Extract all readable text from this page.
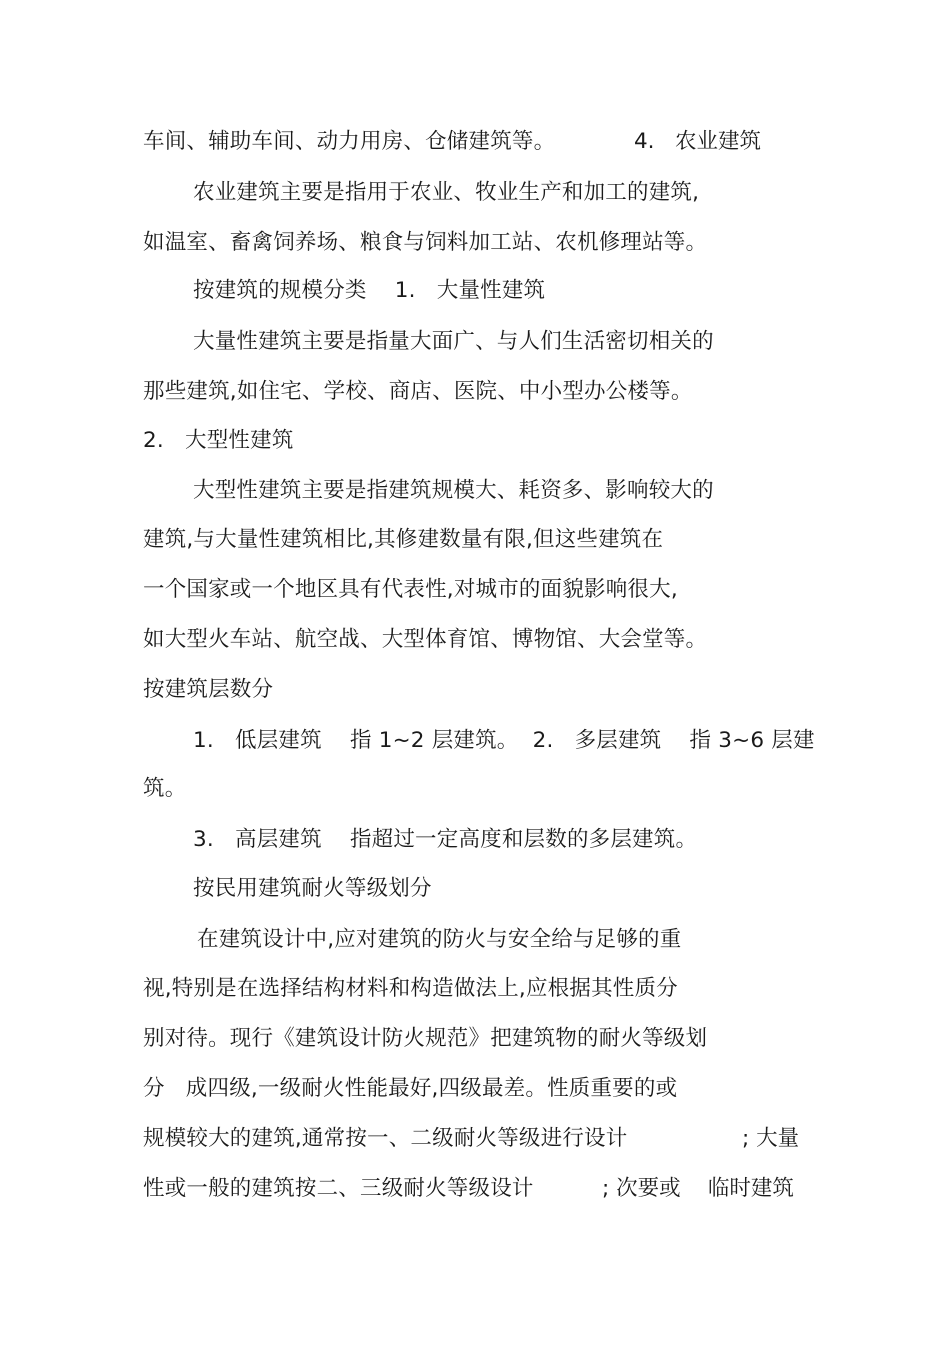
车间、辅助车间、动力用房、仓储建筑等。	4.   农业建筑
农业建筑主要是指用于农业、牧业生产和加工的建筑,
如温室、畜禽饲养场、粮食与饲料加工站、农机修理站等。
按建筑的规模分类    1.   大量性建筑
大量性建筑主要是指量大面广、与人们生活密切相关的
那些建筑,如住宅、学校、商店、医院、中小型办公楼等。
2.   大型性建筑
大型性建筑主要是指建筑规模大、耗资多、影响较大的
建筑,与大量性建筑相比,其修建数量有限,但这些建筑在
一个国家或一个地区具有代表性,对城市的面貌影响很大,
如大型火车站、航空战、大型体育馆、博物馆、大会堂等。
按建筑层数分
1.   低层建筑    指 1~2 层建筑。  2.   多层建筑    指 3~6 层建
筑。
3.   高层建筑    指超过一定高度和层数的多层建筑。
按民用建筑耐火等级划分
在建筑设计中,应对建筑的防火与安全给与足够的重
视,特别是在选择结构材料和构造做法上,应根据其性质分
别对待。现行《建筑设计防火规范》把建筑物的耐火等级划
分   成四级,一级耐火性能最好,四级最差。性质重要的或
规模较大的建筑,通常按一、二级耐火等级进行设计	; 大量
性或一般的建筑按二、三级耐火等级设计	; 次要或    临时建筑
